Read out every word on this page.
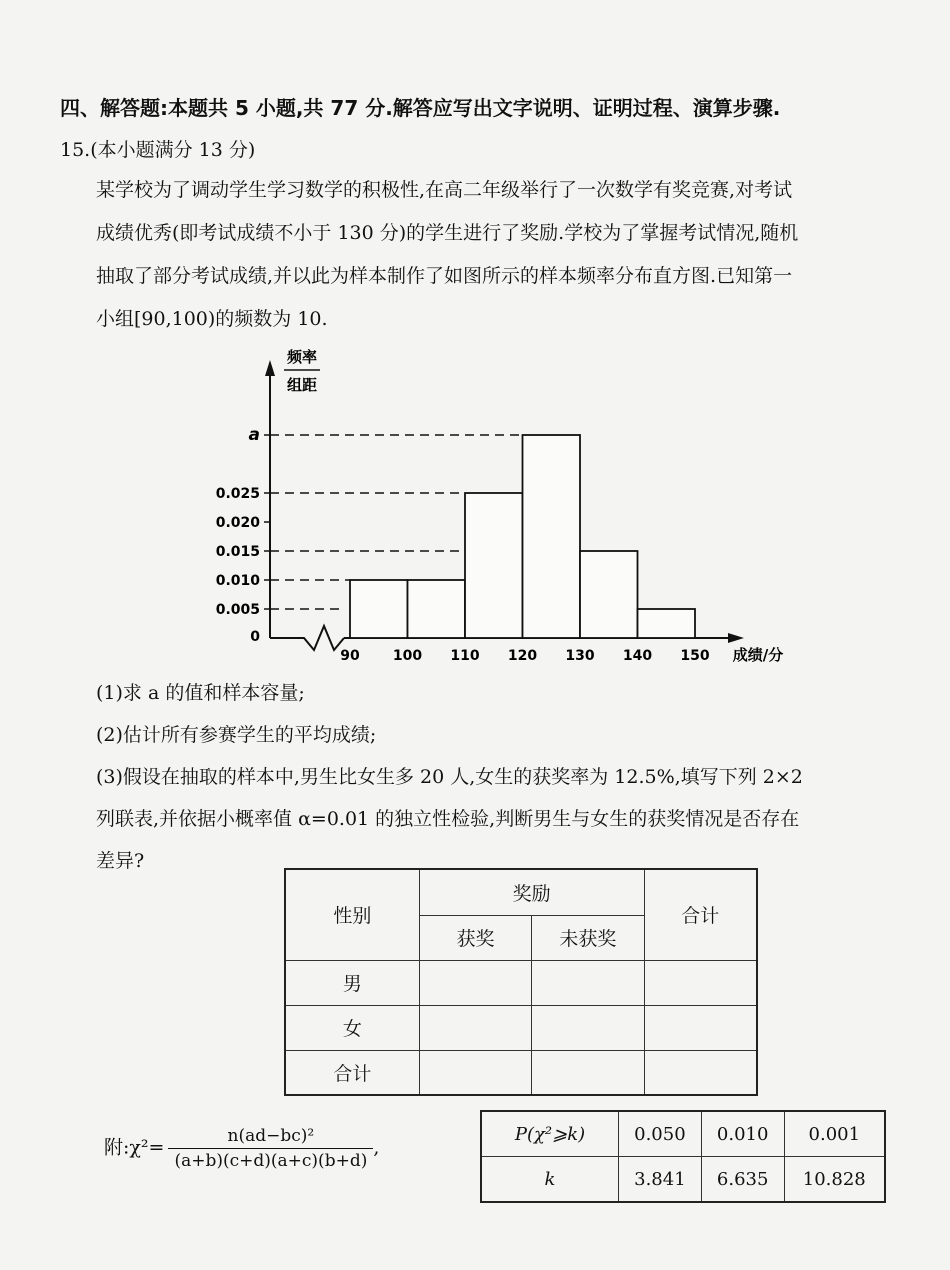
四、解答题:本题共 5 小题,共 77 分.解答应写出文字说明、证明过程、演算步骤.
15.(本小题满分 13 分)
某学校为了调动学生学习数学的积极性,在高二年级举行了一次数学有奖竞赛,对考试
成绩优秀(即考试成绩不小于 130 分)的学生进行了奖励.学校为了掌握考试情况,随机
抽取了部分考试成绩,并以此为样本制作了如图所示的样本频率分布直方图.已知第一
小组[90,100)的频数为 10.
频率
组距
0.005
0.010
0.015
0.020
0.025
a
0
90 100 110 120 130 140 150 成绩/分
(1)求 a 的值和样本容量;
(2)估计所有参赛学生的平均成绩;
(3)假设在抽取的样本中,男生比女生多 20 人,女生的获奖率为 12.5%,填写下列 2×2
列联表,并依据小概率值 α=0.01 的独立性检验,判断男生与女生的获奖情况是否存在
差异?
性别	奖励		合计
	获奖	未获奖	
男			
女			
合计			
附:χ²= $\frac{\text{n(ad−bc)²}}{(a+b)(c+d)(a+c)(b+d)}$ ,
P(χ²⩾k)	0.050	0.010	0.001
k	3.841	6.635	10.828
